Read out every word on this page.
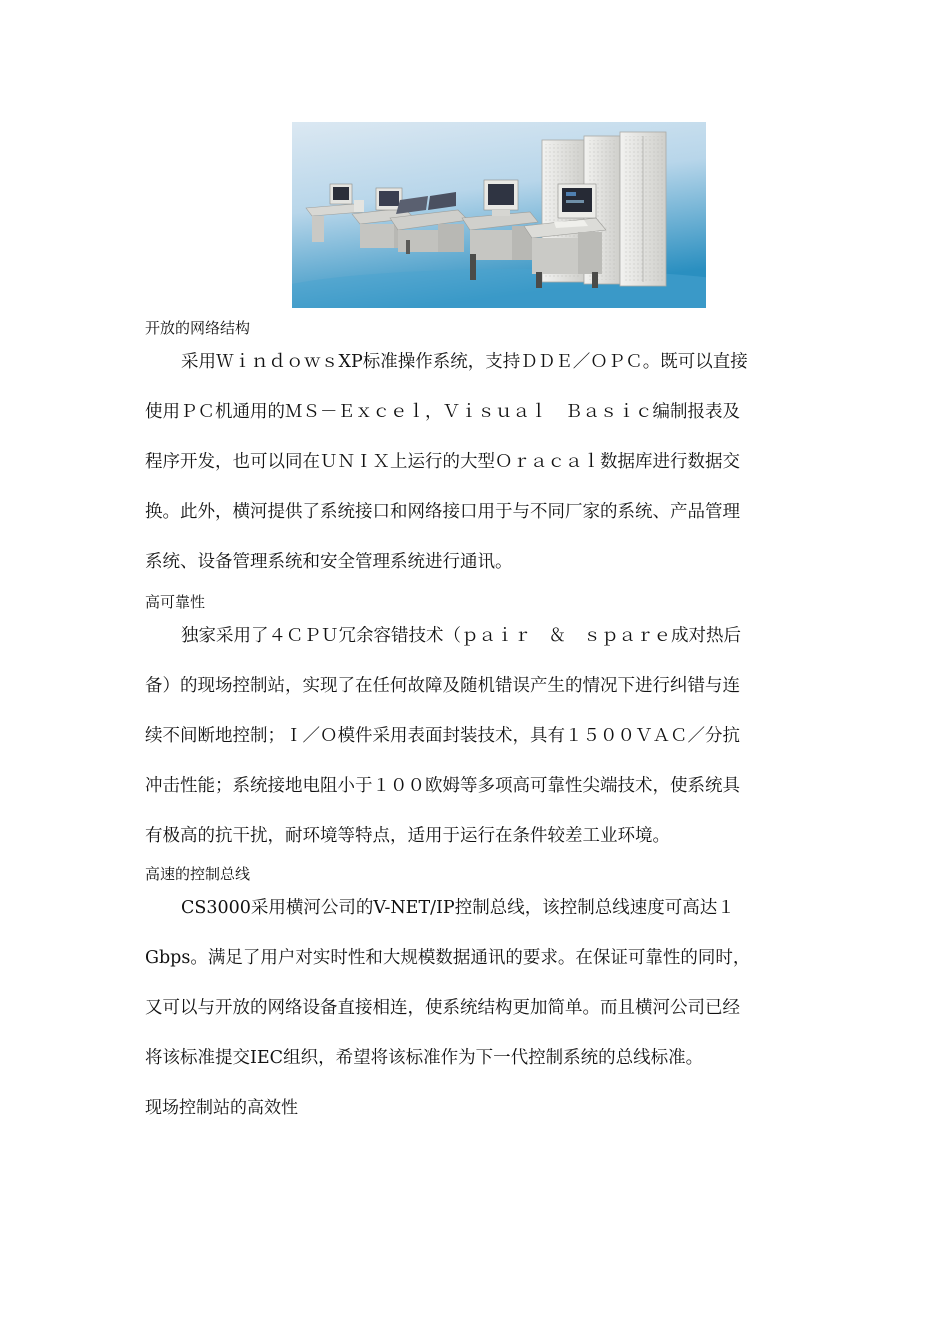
开放的网络结构
采用ＷｉｎｄｏｗｓXP标准操作系统，支持ＤＤＥ／ＯＰＣ。既可以直接
使用ＰＣ机通用的ＭＳ－Ｅｘｃｅｌ，Ｖｉｓｕａｌ　Ｂａｓｉｃ编制报表及
程序开发，也可以同在ＵＮＩＸ上运行的大型Ｏｒａｃａｌ数据库进行数据交
换。此外，横河提供了系统接口和网络接口用于与不同厂家的系统、产品管理
系统、设备管理系统和安全管理系统进行通讯。
高可靠性
独家采用了４ＣＰＵ冗余容错技术（ｐａｉｒ　＆　ｓｐａｒｅ成对热后
备）的现场控制站，实现了在任何故障及随机错误产生的情况下进行纠错与连
续不间断地控制；Ｉ／Ｏ模件采用表面封装技术，具有１５００ＶＡＣ／分抗
冲击性能；系统接地电阻小于１００欧姆等多项高可靠性尖端技术，使系统具
有极高的抗干扰，耐环境等特点，适用于运行在条件较差工业环境。
高速的控制总线
CS3000采用横河公司的V-NET/IP控制总线，该控制总线速度可高达１
Gbps。满足了用户对实时性和大规模数据通讯的要求。在保证可靠性的同时，
又可以与开放的网络设备直接相连，使系统结构更加简单。而且横河公司已经
将该标准提交IEC组织，希望将该标准作为下一代控制系统的总线标准。
现场控制站的高效性
